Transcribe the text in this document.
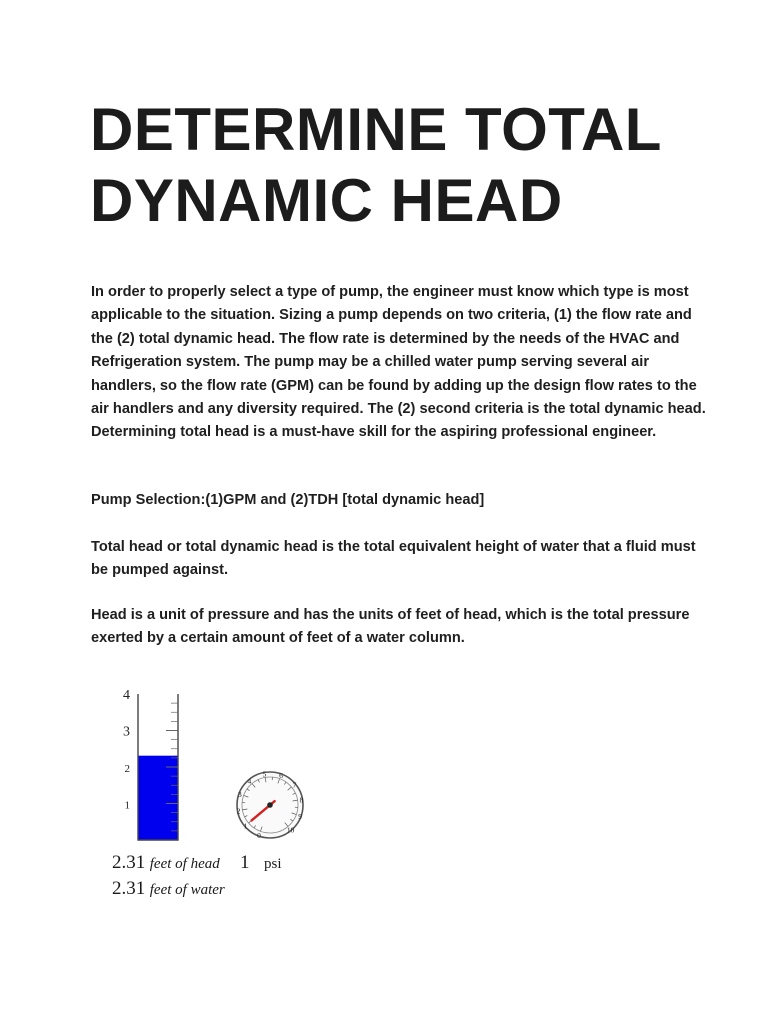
DETERMINE TOTAL
DYNAMIC HEAD

In order to properly select a type of pump, the engineer must know which type is most applicable to the situation. Sizing a pump depends on two criteria, (1) the flow rate and the (2) total dynamic head. The flow rate is determined by the needs of the HVAC and Refrigeration system. The pump may be a chilled water pump serving several air handlers, so the flow rate (GPM) can be found by adding up the design flow rates to the air handlers and any diversity required. The (2) second criteria is the total dynamic head. Determining total head is a must-have skill for the aspiring professional engineer.

Pump Selection:(1)GPM and (2)TDH [total dynamic head]

Total head or total dynamic head is the total equivalent height of water that a fluid must be pumped against.

Head is a unit of pressure and has the units of feet of head, which is the total pressure exerted by a certain amount of feet of a water column.

1
2
3
4
0
1
2
3
4
5 6
7
8
9
10
2.31 feet of head
2.31 feet of water
1 psi
